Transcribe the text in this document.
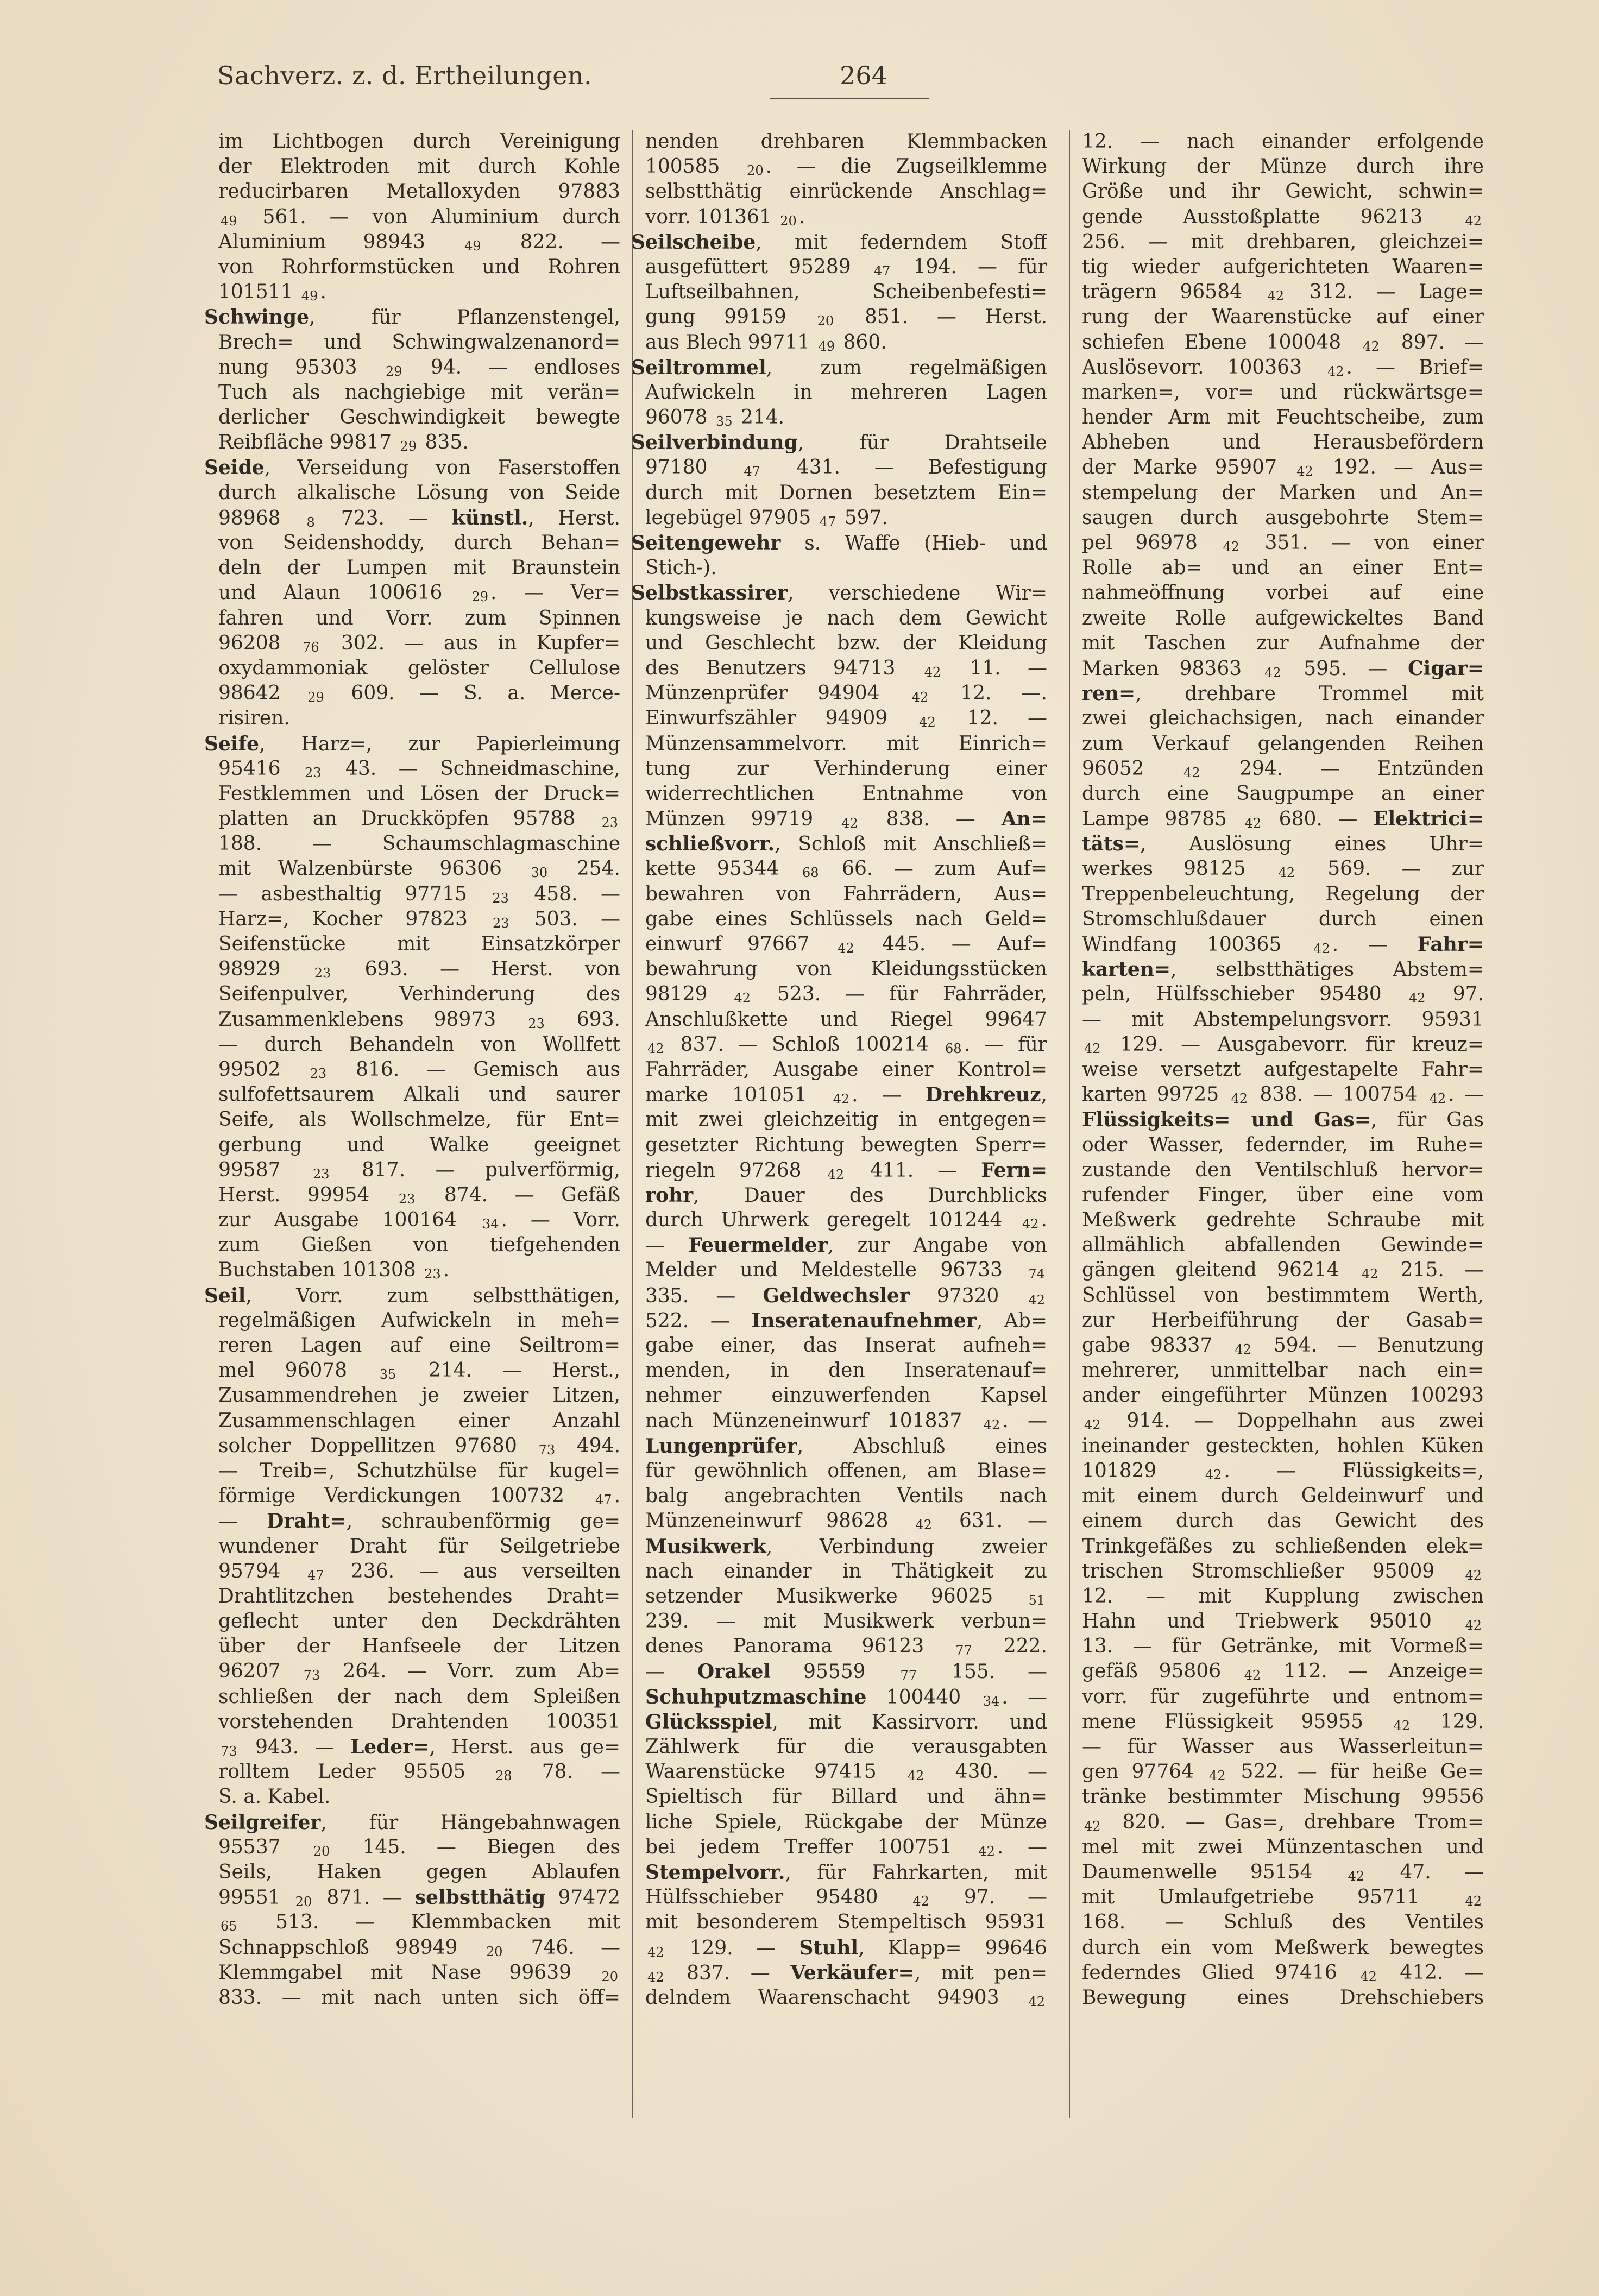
Sachverz. z. d. Ertheilungen.	264
im Lichtbogen durch Vereinigung
der Elektroden mit durch Kohle
reducirbaren Metalloxyden 97883
49 561. — von Aluminium durch
Aluminium 98943 49 822. —
von Rohrformstücken und Rohren
101511 49 .
Schwinge, für Pflanzenstengel,
Brech= und Schwingwalzenanord=
nung 95303 29 94. — endloses
Tuch als nachgiebige mit verän=
derlicher Geschwindigkeit bewegte
Reibfläche 99817 29 835.
Seide, Verseidung von Faserstoffen
durch alkalische Lösung von Seide
98968 8 723. — künstl., Herst.
von Seidenshoddy, durch Behan=
deln der Lumpen mit Braunstein
und Alaun 100616 29 . — Ver=
fahren und Vorr. zum Spinnen
96208 76 302. — aus in Kupfer=
oxydammoniak gelöster Cellulose
98642 29 609. — S. a. Merce-
risiren.
Seife, Harz=, zur Papierleimung
95416 23 43. — Schneidmaschine,
Festklemmen und Lösen der Druck=
platten an Druckköpfen 95788 23
188. — Schaumschlagmaschine
mit Walzenbürste 96306 30 254.
— asbesthaltig 97715 23 458. —
Harz=, Kocher 97823 23 503. —
Seifenstücke mit Einsatzkörper
98929 23 693. — Herst. von
Seifenpulver, Verhinderung des
Zusammenklebens 98973 23 693.
— durch Behandeln von Wollfett
99502 23 816. — Gemisch aus
sulfofettsaurem Alkali und saurer
Seife, als Wollschmelze, für Ent=
gerbung und Walke geeignet
99587 23 817. — pulverförmig,
Herst. 99954 23 874. — Gefäß
zur Ausgabe 100164 34 . — Vorr.
zum Gießen von tiefgehenden
Buchstaben 101308 23 .
Seil, Vorr. zum selbstthätigen,
regelmäßigen Aufwickeln in meh=
reren Lagen auf eine Seiltrom=
mel 96078 35 214. — Herst.,
Zusammendrehen je zweier Litzen,
Zusammenschlagen einer Anzahl
solcher Doppellitzen 97680 73 494.
— Treib=, Schutzhülse für kugel=
förmige Verdickungen 100732 47 .
— Draht=, schraubenförmig ge=
wundener Draht für Seilgetriebe
95794 47 236. — aus verseilten
Drahtlitzchen bestehendes Draht=
geflecht unter den Deckdrähten
über der Hanfseele der Litzen
96207 73 264. — Vorr. zum Ab=
schließen der nach dem Spleißen
vorstehenden Drahtenden 100351
73 943. — Leder=, Herst. aus ge=
rolltem Leder 95505 28 78. —
S. a. Kabel.
Seilgreifer, für Hängebahnwagen
95537 20 145. — Biegen des
Seils, Haken gegen Ablaufen
99551 20 871. — selbstthätig 97472
65 513. — Klemmbacken mit
Schnappschloß 98949 20 746. —
Klemmgabel mit Nase 99639 20
833. — mit nach unten sich öff=
nenden drehbaren Klemmbacken
100585 20 . — die Zugseilklemme
selbstthätig einrückende Anschlag=
vorr. 101361 20 .
Seilscheibe, mit federndem Stoff
ausgefüttert 95289 47 194. — für
Luftseilbahnen, Scheibenbefesti=
gung 99159 20 851. — Herst.
aus Blech 99711 49 860.
Seiltrommel, zum regelmäßigen
Aufwickeln in mehreren Lagen
96078 35 214.
Seilverbindung, für Drahtseile
97180 47 431. — Befestigung
durch mit Dornen besetztem Ein=
legebügel 97905 47 597.
Seitengewehr s. Waffe (Hieb- und
Stich-).
Selbstkassirer, verschiedene Wir=
kungsweise je nach dem Gewicht
und Geschlecht bzw. der Kleidung
des Benutzers 94713 42 11. —
Münzenprüfer 94904 42 12. —.
Einwurfszähler 94909 42 12. —
Münzensammelvorr. mit Einrich=
tung zur Verhinderung einer
widerrechtlichen Entnahme von
Münzen 99719 42 838. — An=
schließvorr., Schloß mit Anschließ=
kette 95344 68 66. — zum Auf=
bewahren von Fahrrädern, Aus=
gabe eines Schlüssels nach Geld=
einwurf 97667 42 445. — Auf=
bewahrung von Kleidungsstücken
98129 42 523. — für Fahrräder,
Anschlußkette und Riegel 99647
42 837. — Schloß 100214 68 . — für
Fahrräder, Ausgabe einer Kontrol=
marke 101051 42 . — Drehkreuz,
mit zwei gleichzeitig in entgegen=
gesetzter Richtung bewegten Sperr=
riegeln 97268 42 411. — Fern=
rohr, Dauer des Durchblicks
durch Uhrwerk geregelt 101244 42 .
— Feuermelder, zur Angabe von
Melder und Meldestelle 96733 74
335. — Geldwechsler 97320 42
522. — Inseratenaufnehmer, Ab=
gabe einer, das Inserat aufneh=
menden, in den Inseratenauf=
nehmer einzuwerfenden Kapsel
nach Münzeneinwurf 101837 42 . —
Lungenprüfer, Abschluß eines
für gewöhnlich offenen, am Blase=
balg angebrachten Ventils nach
Münzeneinwurf 98628 42 631. —
Musikwerk, Verbindung zweier
nach einander in Thätigkeit zu
setzender Musikwerke 96025 51
239. — mit Musikwerk verbun=
denes Panorama 96123 77 222.
— Orakel 95559 77 155. —
Schuhputzmaschine 100440 34 . —
Glücksspiel, mit Kassirvorr. und
Zählwerk für die verausgabten
Waarenstücke 97415 42 430. —
Spieltisch für Billard und ähn=
liche Spiele, Rückgabe der Münze
bei jedem Treffer 100751 42 . —
Stempelvorr., für Fahrkarten, mit
Hülfsschieber 95480 42 97. —
mit besonderem Stempeltisch 95931
42 129. — Stuhl, Klapp= 99646
42 837. — Verkäufer=, mit pen=
delndem Waarenschacht 94903 42
12. — nach einander erfolgende
Wirkung der Münze durch ihre
Größe und ihr Gewicht, schwin=
gende Ausstoßplatte 96213 42
256. — mit drehbaren, gleichzei=
tig wieder aufgerichteten Waaren=
trägern 96584 42 312. — Lage=
rung der Waarenstücke auf einer
schiefen Ebene 100048 42 897. —
Auslösevorr. 100363 42 . — Brief=
marken=, vor= und rückwärtsge=
hender Arm mit Feuchtscheibe, zum
Abheben und Herausbefördern
der Marke 95907 42 192. — Aus=
stempelung der Marken und An=
saugen durch ausgebohrte Stem=
pel 96978 42 351. — von einer
Rolle ab= und an einer Ent=
nahmeöffnung vorbei auf eine
zweite Rolle aufgewickeltes Band
mit Taschen zur Aufnahme der
Marken 98363 42 595. — Cigar=
ren=, drehbare Trommel mit
zwei gleichachsigen, nach einander
zum Verkauf gelangenden Reihen
96052 42 294. — Entzünden
durch eine Saugpumpe an einer
Lampe 98785 42 680. — Elektrici=
täts=, Auslösung eines Uhr=
werkes 98125 42 569. — zur
Treppenbeleuchtung, Regelung der
Stromschlußdauer durch einen
Windfang 100365 42 . — Fahr=
karten=, selbstthätiges Abstem=
peln, Hülfsschieber 95480 42 97.
— mit Abstempelungsvorr. 95931
42 129. — Ausgabevorr. für kreuz=
weise versetzt aufgestapelte Fahr=
karten 99725 42 838. — 100754 42 . —
Flüssigkeits= und Gas=, für Gas
oder Wasser, federnder, im Ruhe=
zustande den Ventilschluß hervor=
rufender Finger, über eine vom
Meßwerk gedrehte Schraube mit
allmählich abfallenden Gewinde=
gängen gleitend 96214 42 215. —
Schlüssel von bestimmtem Werth,
zur Herbeiführung der Gasab=
gabe 98337 42 594. — Benutzung
mehrerer, unmittelbar nach ein=
ander eingeführter Münzen 100293
42 914. — Doppelhahn aus zwei
ineinander gesteckten, hohlen Küken
101829 42 . — Flüssigkeits=,
mit einem durch Geldeinwurf und
einem durch das Gewicht des
Trinkgefäßes zu schließenden elek=
trischen Stromschließer 95009 42
12. — mit Kupplung zwischen
Hahn und Triebwerk 95010 42
13. — für Getränke, mit Vormeß=
gefäß 95806 42 112. — Anzeige=
vorr. für zugeführte und entnom=
mene Flüssigkeit 95955 42 129.
— für Wasser aus Wasserleitun=
gen 97764 42 522. — für heiße Ge=
tränke bestimmter Mischung 99556
42 820. — Gas=, drehbare Trom=
mel mit zwei Münzentaschen und
Daumenwelle 95154 42 47. —
mit Umlaufgetriebe 95711 42
168. — Schluß des Ventiles
durch ein vom Meßwerk bewegtes
federndes Glied 97416 42 412. —
Bewegung eines Drehschiebers
